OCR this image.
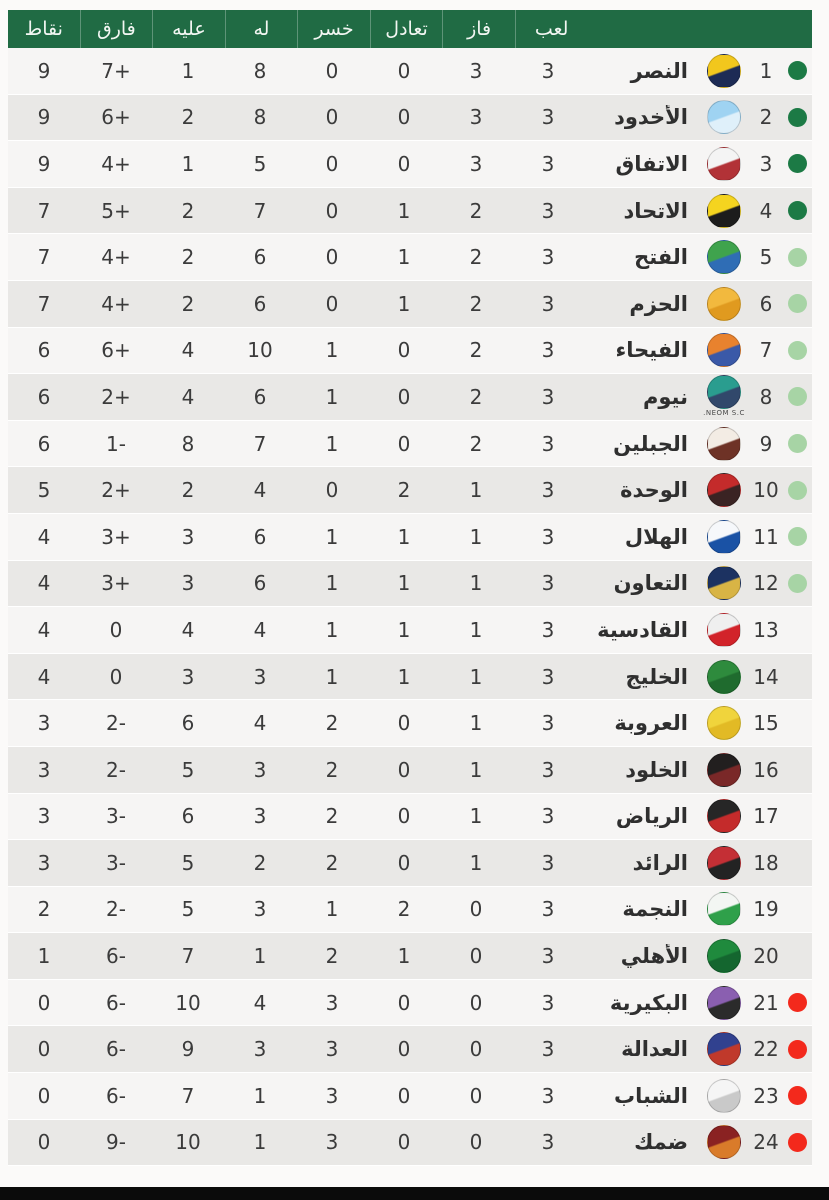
لعب
فاز
تعادل
خسر
له
عليه
فارق
نقاط
1
النصر
3
3
0
0
8
1
7+
9
2
الأخدود
3
3
0
0
8
2
6+
9
3
الاتفاق
3
3
0
0
5
1
4+
9
4
الاتحاد
3
2
1
0
7
2
5+
7
5
الفتح
3
2
1
0
6
2
4+
7
6
الحزم
3
2
1
0
6
2
4+
7
7
الفيحاء
3
2
0
1
10
4
6+
6
8
NEOM S.C.
نيوم
3
2
0
1
6
4
2+
6
9
الجبلين
3
2
0
1
7
8
1-
6
10
الوحدة
3
1
2
0
4
2
2+
5
11
الهلال
3
1
1
1
6
3
3+
4
12
التعاون
3
1
1
1
6
3
3+
4
13
القادسية
3
1
1
1
4
4
0
4
14
الخليج
3
1
1
1
3
3
0
4
15
العروبة
3
1
0
2
4
6
2-
3
16
الخلود
3
1
0
2
3
5
2-
3
17
الرياض
3
1
0
2
3
6
3-
3
18
الرائد
3
1
0
2
2
5
3-
3
19
النجمة
3
0
2
1
3
5
2-
2
20
الأهلي
3
0
1
2
1
7
6-
1
21
البكيرية
3
0
0
3
4
10
6-
0
22
العدالة
3
0
0
3
3
9
6-
0
23
الشباب
3
0
0
3
1
7
6-
0
24
ضمك
3
0
0
3
1
10
9-
0
